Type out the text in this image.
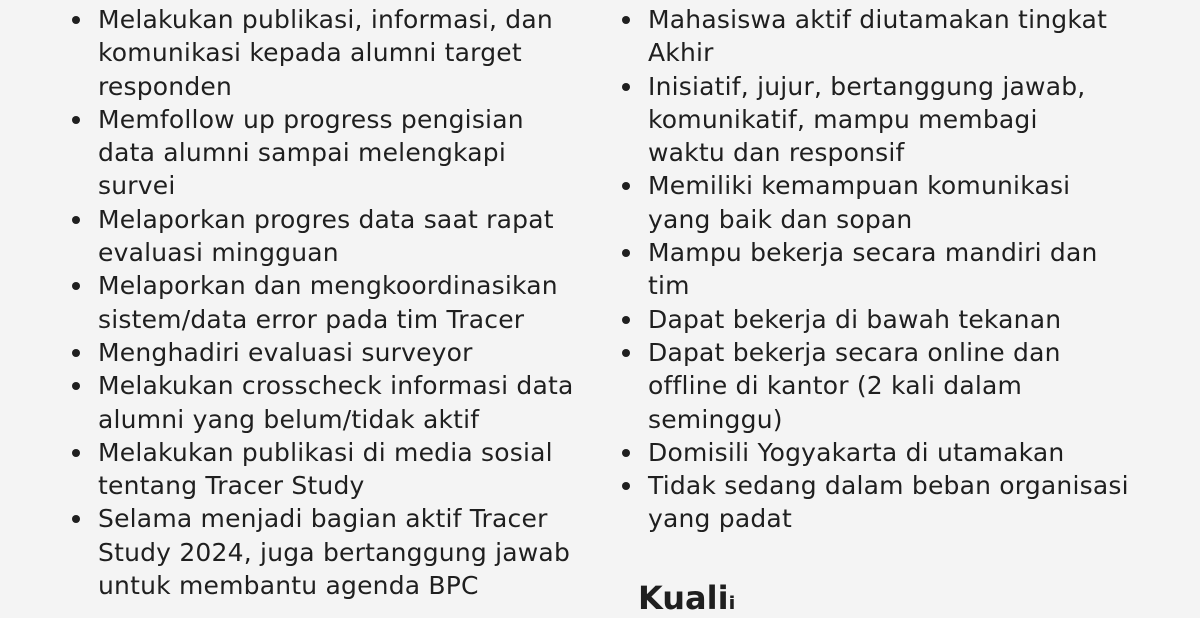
Melakukan publikasi, informasi, dan
komunikasi kepada alumni target
responden
Memfollow up progress pengisian
data alumni sampai melengkapi
survei
Melaporkan progres data saat rapat
evaluasi mingguan
Melaporkan dan mengkoordinasikan
sistem/data error pada tim Tracer
Menghadiri evaluasi surveyor
Melakukan crosscheck informasi data
alumni yang belum/tidak aktif
Melakukan publikasi di media sosial
tentang Tracer Study
Selama menjadi bagian aktif Tracer
Study 2024, juga bertanggung jawab
untuk membantu agenda BPC
Mahasiswa aktif diutamakan tingkat
Akhir
Inisiatif, jujur, bertanggung jawab,
komunikatif, mampu membagi
waktu dan responsif
Memiliki kemampuan komunikasi
yang baik dan sopan
Mampu bekerja secara mandiri dan
tim
Dapat bekerja di bawah tekanan
Dapat bekerja secara online dan
offline di kantor (2 kali dalam
seminggu)
Domisili Yogyakarta di utamakan
Tidak sedang dalam beban organisasi
yang padat
Kualiᵢ
